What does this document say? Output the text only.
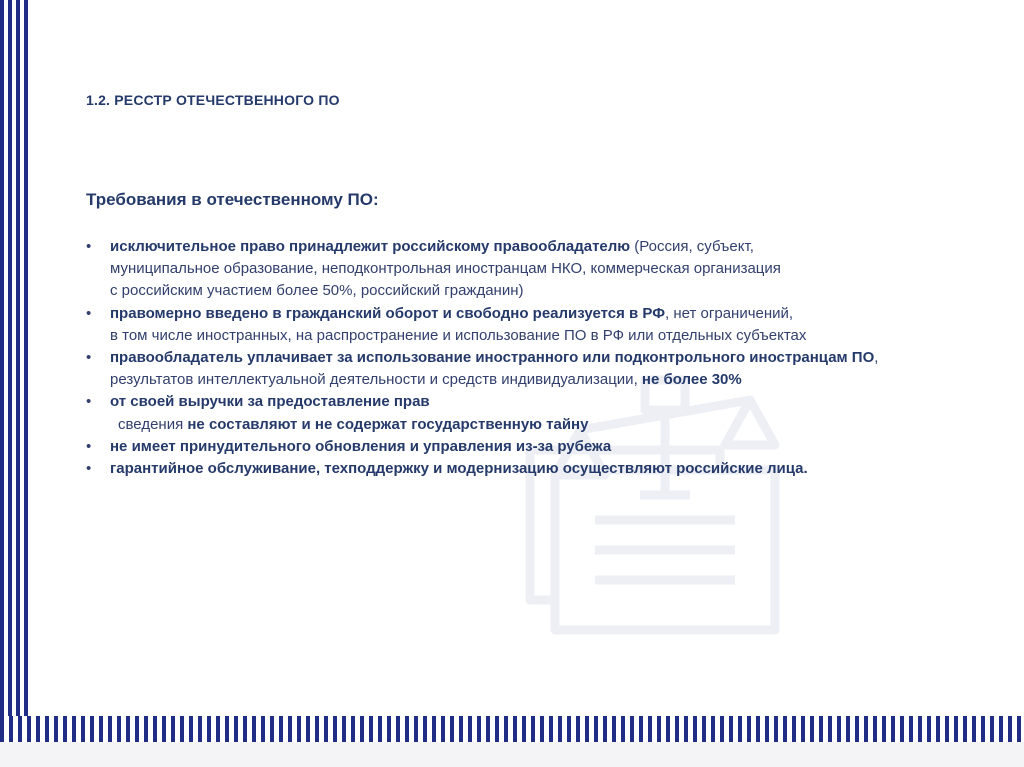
1.2. РЕССТР ОТЕЧЕСТВЕННОГО ПО
Требования в отечественному ПО:
• исключительное право принадлежит российскому правообладателю (Россия, субъект,
муниципальное образование, неподконтрольная иностранцам НКО, коммерческая организация
с российским участием более 50%, российский гражданин)
• правомерно введено в гражданский оборот и свободно реализуется в РФ, нет ограничений,
в том числе иностранных, на распространение и использование ПО в РФ или отдельных субъектах
• правообладатель уплачивает за использование иностранного или подконтрольного иностранцам ПО,
результатов интеллектуальной деятельности и средств индивидуализации, не более 30%
• от своей выручки за предоставление прав
сведения не составляют и не содержат государственную тайну
• не имеет принудительного обновления и управления из-за рубежа
• гарантийное обслуживание, техподдержку и модернизацию осуществляют российские лица.
